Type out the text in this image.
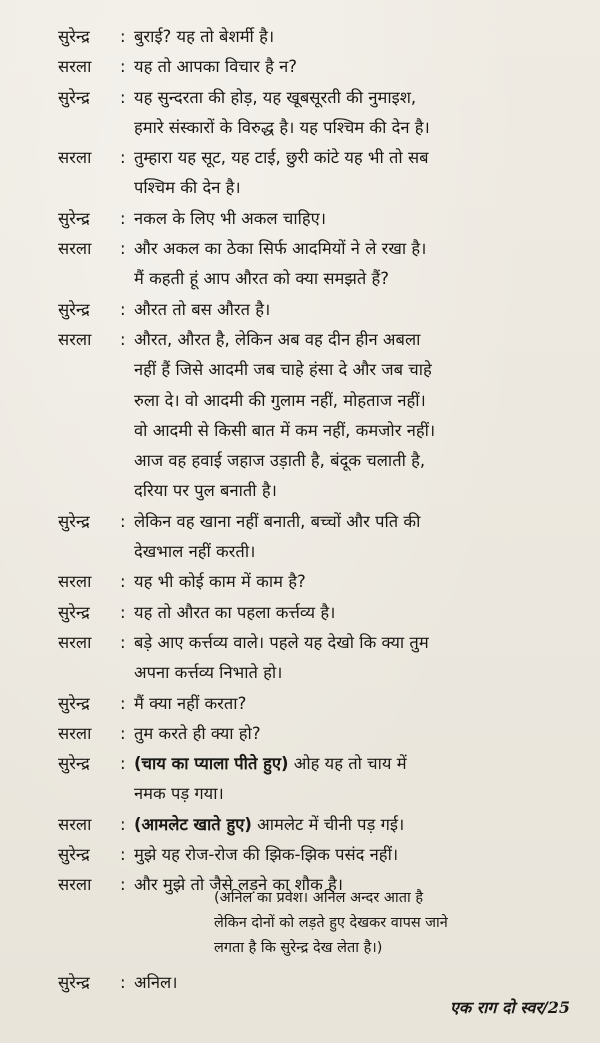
सुरेन्द्र : बुराई? यह तो बेशर्मी है।
सरला : यह तो आपका विचार है न?
सुरेन्द्र : यह सुन्दरता की होड़, यह खूबसूरती की नुमाइश,
हमारे संस्कारों के विरुद्ध है। यह पश्चिम की देन है।
सरला : तुम्हारा यह सूट, यह टाई, छुरी कांटे यह भी तो सब
पश्चिम की देन है।
सुरेन्द्र : नकल के लिए भी अकल चाहिए।
सरला : और अकल का ठेका सिर्फ आदमियों ने ले रखा है।
मैं कहती हूं आप औरत को क्या समझते हैं?
सुरेन्द्र : औरत तो बस औरत है।
सरला : औरत, औरत है, लेकिन अब वह दीन हीन अबला
नहीं हैं जिसे आदमी जब चाहे हंसा दे और जब चाहे
रुला दे। वो आदमी की गुलाम नहीं, मोहताज नहीं।
वो आदमी से किसी बात में कम नहीं, कमजोर नहीं।
आज वह हवाई जहाज उड़ाती है, बंदूक चलाती है,
दरिया पर पुल बनाती है।
सुरेन्द्र : लेकिन वह खाना नहीं बनाती, बच्चों और पति की
देखभाल नहीं करती।
सरला : यह भी कोई काम में काम है?
सुरेन्द्र : यह तो औरत का पहला कर्त्तव्य है।
सरला : बड़े आए कर्त्तव्य वाले। पहले यह देखो कि क्या तुम
अपना कर्त्तव्य निभाते हो।
सुरेन्द्र : मैं क्या नहीं करता?
सरला : तुम करते ही क्या हो?
सुरेन्द्र : (चाय का प्याला पीते हुए) ओह यह तो चाय में
नमक पड़ गया।
सरला : (आमलेट खाते हुए) आमलेट में चीनी पड़ गई।
सुरेन्द्र : मुझे यह रोज-रोज की झिक-झिक पसंद नहीं।
सरला : और मुझे तो जैसे लड़ने का शौक है।
(अनिल का प्रवेश। अनिल अन्दर आता है
लेकिन दोनों को लड़ते हुए देखकर वापस जाने
लगता है कि सुरेन्द्र देख लेता है।)
सुरेन्द्र : अनिल।
एक राग दो स्वर/25
